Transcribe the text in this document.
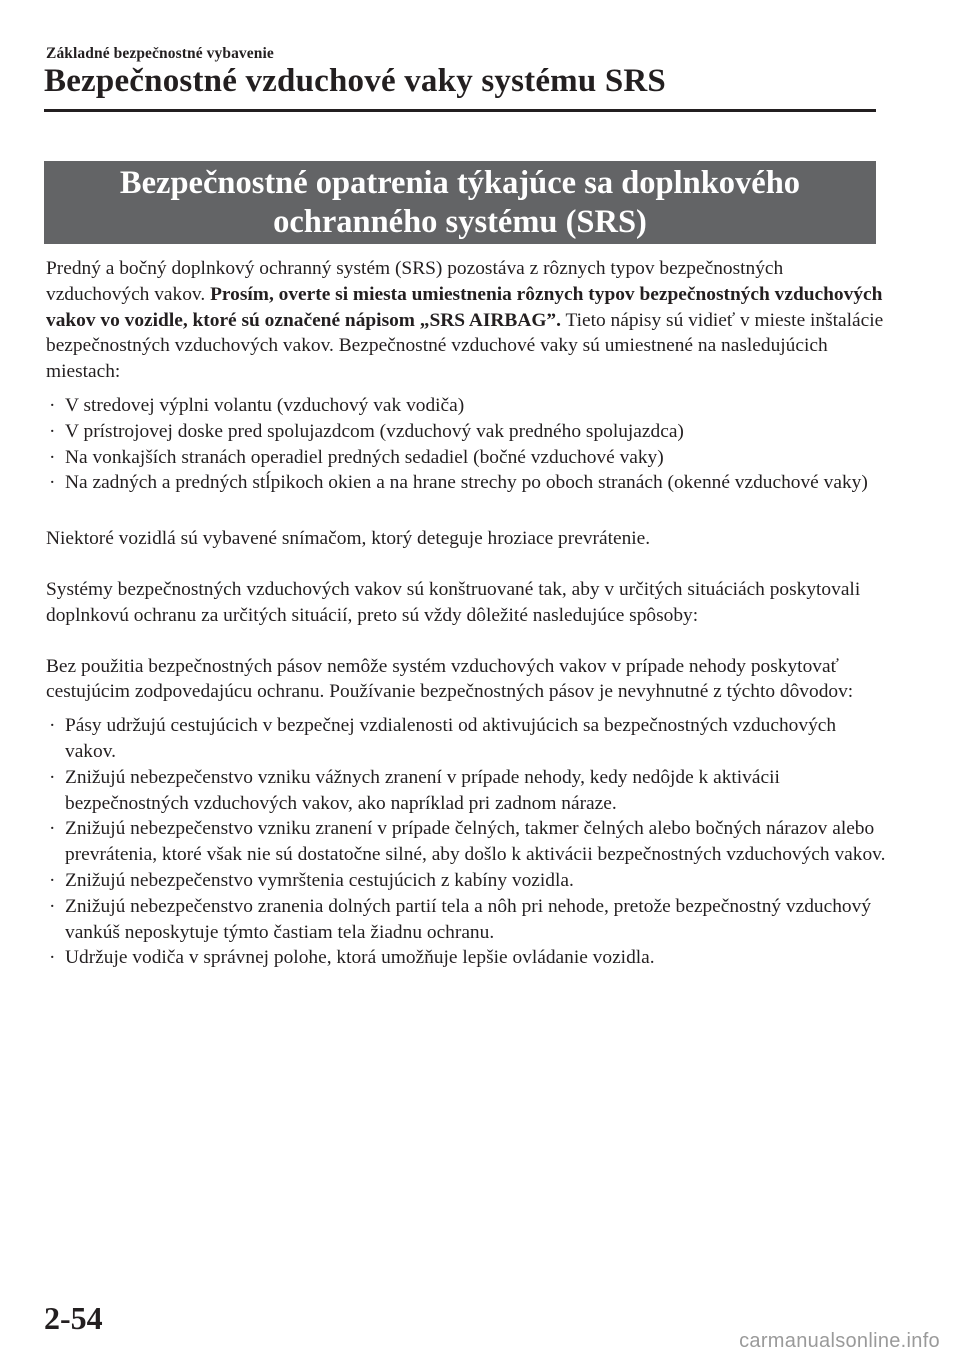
Základné bezpečnostné vybavenie
Bezpečnostné vzduchové vaky systému SRS
Bezpečnostné opatrenia týkajúce sa doplnkového
ochranného systému (SRS)

Predný a bočný doplnkový ochranný systém (SRS) pozostáva z rôznych typov bezpečnostných vzduchových vakov. Prosím, overte si miesta umiestnenia rôznych typov bezpečnostných vzduchových vakov vo vozidle, ktoré sú označené nápisom „SRS AIRBAG”. Tieto nápisy sú vidieť v mieste inštalácie bezpečnostných vzduchových vakov. Bezpečnostné vzduchové vaky sú umiestnené na nasledujúcich miestach:

· V stredovej výplni volantu (vzduchový vak vodiča)
· V prístrojovej doske pred spolujazdcom (vzduchový vak predného spolujazdca)
· Na vonkajších stranách operadiel predných sedadiel (bočné vzduchové vaky)
· Na zadných a predných stĺpikoch okien a na hrane strechy po oboch stranách (okenné vzduchové vaky)

Niektoré vozidlá sú vybavené snímačom, ktorý deteguje hroziace prevrátenie.

Systémy bezpečnostných vzduchových vakov sú konštruované tak, aby v určitých situáciách poskytovali doplnkovú ochranu za určitých situácií, preto sú vždy dôležité nasledujúce spôsoby:

Bez použitia bezpečnostných pásov nemôže systém vzduchových vakov v prípade nehody poskytovať cestujúcim zodpovedajúcu ochranu. Používanie bezpečnostných pásov je nevyhnutné z týchto dôvodov:

· Pásy udržujú cestujúcich v bezpečnej vzdialenosti od aktivujúcich sa bezpečnostných vzduchových vakov.
· Znižujú nebezpečenstvo vzniku vážnych zranení v prípade nehody, kedy nedôjde k aktivácii bezpečnostných vzduchových vakov, ako napríklad pri zadnom náraze.
· Znižujú nebezpečenstvo vzniku zranení v prípade čelných, takmer čelných alebo bočných nárazov alebo prevrátenia, ktoré však nie sú dostatočne silné, aby došlo k aktivácii bezpečnostných vzduchových vakov.
· Znižujú nebezpečenstvo vymrštenia cestujúcich z kabíny vozidla.
· Znižujú nebezpečenstvo zranenia dolných partií tela a nôh pri nehode, pretože bezpečnostný vzduchový vankúš neposkytuje týmto častiam tela žiadnu ochranu.
· Udržuje vodiča v správnej polohe, ktorá umožňuje lepšie ovládanie vozidla.
2-54
carmanualsonline.info
